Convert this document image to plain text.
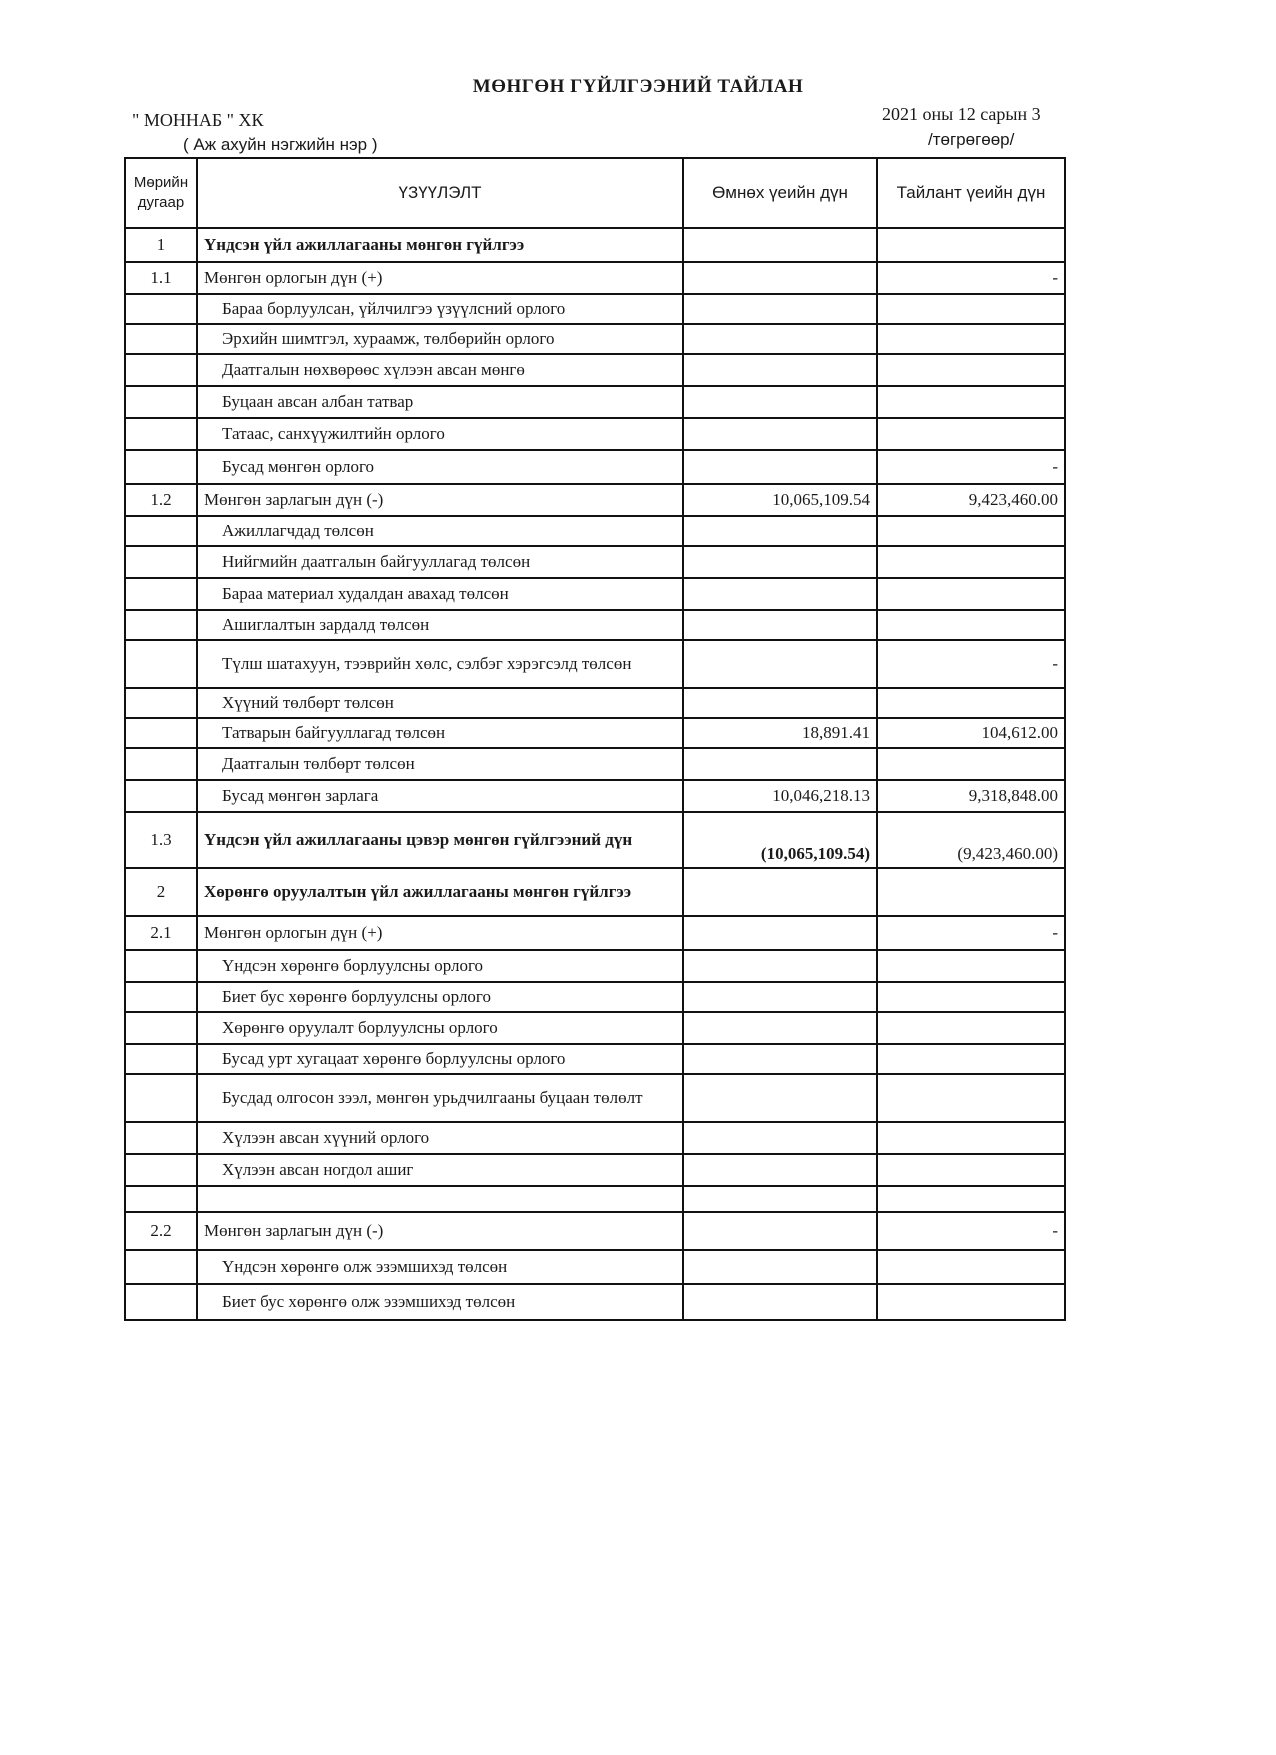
МӨНГӨН ГҮЙЛГЭЭНИЙ ТАЙЛАН
" МОННАБ " ХК
( Аж ахуйн нэгжийн нэр )
2021 оны 12 сарын 3
/төгрөгөөр/
Мөрийн дугаар	ҮЗҮҮЛЭЛТ	Өмнөх үеийн дүн	Тайлант үеийн дүн
1	Үндсэн үйл ажиллагааны мөнгөн гүйлгээ		
1.1	Мөнгөн орлогын дүн (+)		-
	Бараа борлуулсан, үйлчилгээ үзүүлсний орлого		
	Эрхийн шимтгэл, хураамж, төлбөрийн орлого		
	Даатгалын нөхвөрөөс хүлээн авсан мөнгө		
	Буцаан авсан албан татвар		
	Татаас, санхүүжилтийн орлого		
	Бусад мөнгөн орлого		-
1.2	Мөнгөн зарлагын дүн (-)	10,065,109.54	9,423,460.00
	Ажиллагчдад төлсөн		
	Нийгмийн даатгалын байгууллагад төлсөн		
	Бараа материал худалдан авахад төлсөн		
	Ашиглалтын зардалд төлсөн		
	Түлш шатахуун, тээврийн хөлс, сэлбэг хэрэгсэлд төлсөн		-
	Хүүний төлбөрт төлсөн		
	Татварын байгууллагад төлсөн	18,891.41	104,612.00
	Даатгалын төлбөрт төлсөн		
	Бусад мөнгөн зарлага	10,046,218.13	9,318,848.00
1.3	Үндсэн үйл ажиллагааны цэвэр мөнгөн гүйлгээний дүн	(10,065,109.54)	(9,423,460.00)
2	Хөрөнгө оруулалтын үйл ажиллагааны мөнгөн гүйлгээ		
2.1	Мөнгөн орлогын дүн (+)		-
	Үндсэн хөрөнгө борлуулсны орлого		
	Биет бус хөрөнгө борлуулсны орлого		
	Хөрөнгө оруулалт борлуулсны орлого		
	Бусад урт хугацаат хөрөнгө борлуулсны орлого		
	Бусдад олгосон зээл, мөнгөн урьдчилгааны буцаан төлөлт		
	Хүлээн авсан хүүний орлого		
	Хүлээн авсан ногдол ашиг		

2.2	Мөнгөн зарлагын дүн (-)		-
	Үндсэн хөрөнгө олж эзэмшихэд төлсөн		
	Биет бус хөрөнгө олж эзэмшихэд төлсөн		
